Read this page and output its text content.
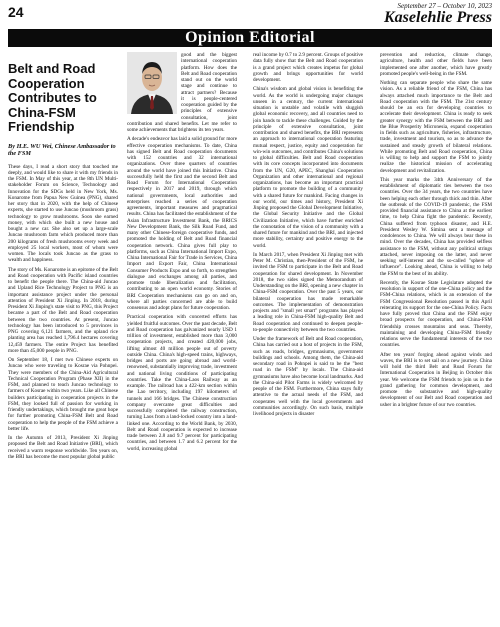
24	September 27 – October 10, 2023
Kaselehlie Press
Opinion Editorial
Belt and Road Cooperation Contributes to China-FSM Friendship
By H.E. WU Wei, Chinese Ambassador to the FSM

These days, I read a short story that touched me deeply, and would like to share it with my friends in the FSM. In May of this year, at the 8th UN Multi-stakeholder Forum on Science, Technology and Innovation for the SDGs held in New York, Ms. Konarome from Papua New Guinea (PNG), shared her story that in 2020, with the help of Chinese experts, she started to use Juncao (mushroom grass) technology to grow mushrooms. Soon she earned money, with which she built a new house and bought a new car. She also set up a large-scale Juncao mushroom farm which produced more than 200 kilograms of fresh mushrooms every week and employed 25 local workers, most of whom were women. The locals took Juncao as the grass to wealth and happiness.

The story of Ms. Konarome is an epitome of the Belt and Road cooperation with Pacific island countries to benefit the people there. The China-aid Juncao and Upland Rice Technology Project to PNG is an important assistance project under the personal attention of President Xi Jinping. In 2018, during President Xi Jinping's state visit to PNG, this Project became a part of the Belt and Road cooperation between the two countries. At present, Juncao technology has been introduced to 5 provinces in PNG covering 6,121 farmers, and the upland rice planting area has reached 1,796.4 hectares covering 12,459 farmers. The entire Project has benefited more than 45,000 people in PNG.

On September 18, I met two Chinese experts on Juncao who were traveling to Kosrae via Pohnpei. They were members of the China-Aid Agricultural Technical Cooperation Program (Phase XII) in the FSM, and planned to teach Juncao technology to farmers of Kosrae within two years. Like all Chinese builders participating in cooperation projects in the FSM, they looked full of passion for working in friendly undertakings, which brought me great hope for further promoting China-FSM Belt and Road cooperation to help the people of the FSM achieve a better life.

In the Autumn of 2013, President Xi Jinping proposed the Belt and Road Initiative (BRI), which received a warm response worldwide. Ten years on, the BRI has become the most popular global public

good and the biggest international cooperation platform. How does the Belt and Road cooperation stand out on the world stage and continue to attract partners? Because it is people-centered cooperation guided by the principles of extensive consultation, joint contribution and shared benefits. Let me refer to some achievements that brightens its ten years.

A decade's endeavor has laid a solid ground for more effective cooperation mechanisms. To date, China has signed Belt and Road cooperation documents with 152 countries and 32 international organizations. Over three quarters of countries around the world have joined this Initiative. China successfully held the first and the second Belt and Road Forum for International Cooperation respectively in 2017 and 2019, through which national governments, local authorities and enterprises reached a series of cooperation agreements, important measures and pragmatical results. China has facilitated the establishment of the Asian Infrastructure Investment Bank, the BRICS New Development Bank, the Silk Road Fund, and many other Chinese-foreign cooperative funds, and promoted the holding of Belt and Road financial cooperation network. China gives full play to platforms, such as China International Import Expo, China International Fair for Trade in Services, China Import and Export Fair, China International Consumer Products Expo and so forth, to strengthen dialogue and exchanges among all parties, and promote trade liberalization and facilitation, contributing to an open world economy. Stories of BRI Cooperation mechanisms can go on and on, where all parties concerned are able to build consensus and adopt plans for future cooperation.

Practical cooperation with concerted efforts has yielded fruitful outcomes. Over the past decade, Belt and Road cooperation has galvanized nearly USD 1 trillion of investment, established more than 3,000 cooperation projects, and created 420,000 jobs, lifting almost 40 million people out of poverty outside China. China's high-speed trains, highways, bridges and ports are going abroad and world-renowned, substantially improving trade, investment and national living conditions of participating countries. Take the China-Laos Railway as an example. The railroad has a 422-km section within the Lao territory, including 197 kilometers of tunnels and 166 bridges. The Chinese construction company overcame great difficulties and successfully completed the railway construction, turning Laos from a land-locked country into a land-linked one. According to the World Bank, by 2030, Belt and Road cooperation is expected to increase trade between 2.8 and 9.7 percent for participating countries, and between 1.7 and 6.2 percent for the world, increasing global

real income by 0.7 to 2.9 percent. Groups of positive data fully show that the Belt and Road cooperation is a grand project which creates impetus for global growth and brings opportunities for world development.

China's wisdom and global vision is benefiting the world. As the world is undergoing major changes unseen in a century, the current international situation is unstable and volatile with sluggish global economic recovery, and all countries need to join hands to tackle these challenges. Guided by the principle of extensive consultation, joint contribution and shared benefits, the BRI represents an approach to international cooperation featuring mutual respect, justice, equity and cooperation for win-win outcomes, and contributes China's solutions to global difficulties. Belt and Road cooperation with its core concepts incorporated into documents from the UN, G20, APEC, Shanghai Cooperation Organization and other international and regional organizations, has become an important practical platform to promote the building of a community with a shared future for mankind. Facing changes in our world, our times and history, President Xi Jinping proposed the Global Development Initiative, the Global Security Initiative and the Global Civilization Initiative, which have further enriched the connotation of the vision of a community with a shared future for mankind and the BRI, and injected more stability, certainty and positive energy to the world.

In March 2017, when President Xi Jinping met with Peter M. Christian, then-President of the FSM, he invited the FSM to participate in the Belt and Road cooperation for shared development. In November 2018, the two sides signed the Memorandum of Understanding on the BRI, opening a new chapter in China-FSM cooperation. Over the past 5 years, our bilateral cooperation has made remarkable outcomes. The implementation of demonstration projects and "small yet smart" programs has played a leading role in China-FSM high-quality Belt and Road cooperation and continued to deepen people-to-people connectivity between the two countries.

Under the framework of Belt and Road cooperation, China has carried out a host of projects in the FSM, such as roads, bridges, gymnasiums, government buildings and schools. Among them, the China-aid secondary road in Pohnpei is said to be the "best road in the FSM" by locals. The China-aid gymnasiums have also become local landmarks. And the China-aid Pilot Farms is widely welcomed by people of the FSM. Furthermore, China stays fully attentive to the actual needs of the FSM, and cooperates well with the local governments and communities accordingly. On such basis, multiple livelihood projects in disaster

prevention and reduction, climate change, agriculture, health and other fields have been implemented one after another, which have greatly promoted people's well-being in the FSM.

Nothing can separate people who share the same vision. As a reliable friend of the FSM, China has always attached much importance to the Belt and Road cooperation with the FSM. The 21st century should be an era for developing countries to accelerate their development. China is ready to seek greater synergy with the FSM between the BRI and the Blue Prosperity Micronesia, expand cooperation in fields such as agriculture, fisheries, infrastructure, trade, investment and tourism, so as to advance the sustained and steady growth of bilateral relations. While promoting Belt and Road cooperation, China is willing to help and support the FSM to jointly realize the historical mission of accelerating development and revitalization.

This year marks the 34th Anniversary of the establishment of diplomatic ties between the two countries. Over the 34 years, the two countries have been helping each other through thick and thin. After the outbreak of the COVID-19 pandemic, the FSM provided financial assistance to China at the earliest time, to help China fight the pandemic. Recently, China suffered from typhoon disaster, and H.E. President Wesley W. Simina sent a message of condolences to China. We will always bear these in mind. Over the decades, China has provided selfless assistance to the FSM, without any political strings attached, never imposing on the latter, and never seeking self-interest and the so-called "sphere of influence". Looking ahead, China is willing to help the FSM to the best of its ability.

Recently, the Kosrae State Legislature adopted the resolution in support of the one-China policy and the FSM-China relations, which is an extension of the FSM Congressional Resolution passed in this April reiterating its support for the one-China Policy. Facts have fully proved that China and the FSM enjoy broad prospects for cooperation, and China-FSM friendship crosses mountains and seas. Thereby, maintaining and developing China-FSM friendly relations serve the fundamental interests of the two countries.

After ten years' forging ahead against winds and waves, the BRI is to set sail on a new journey. China will hold the third Belt and Road Forum for International Cooperation in Beijing in October this year. We welcome the FSM friends to join us in the grand gathering for common development, and promote the substantive and high-quality development of our Belt and Road cooperation and usher in a brighter future of our two countries.
